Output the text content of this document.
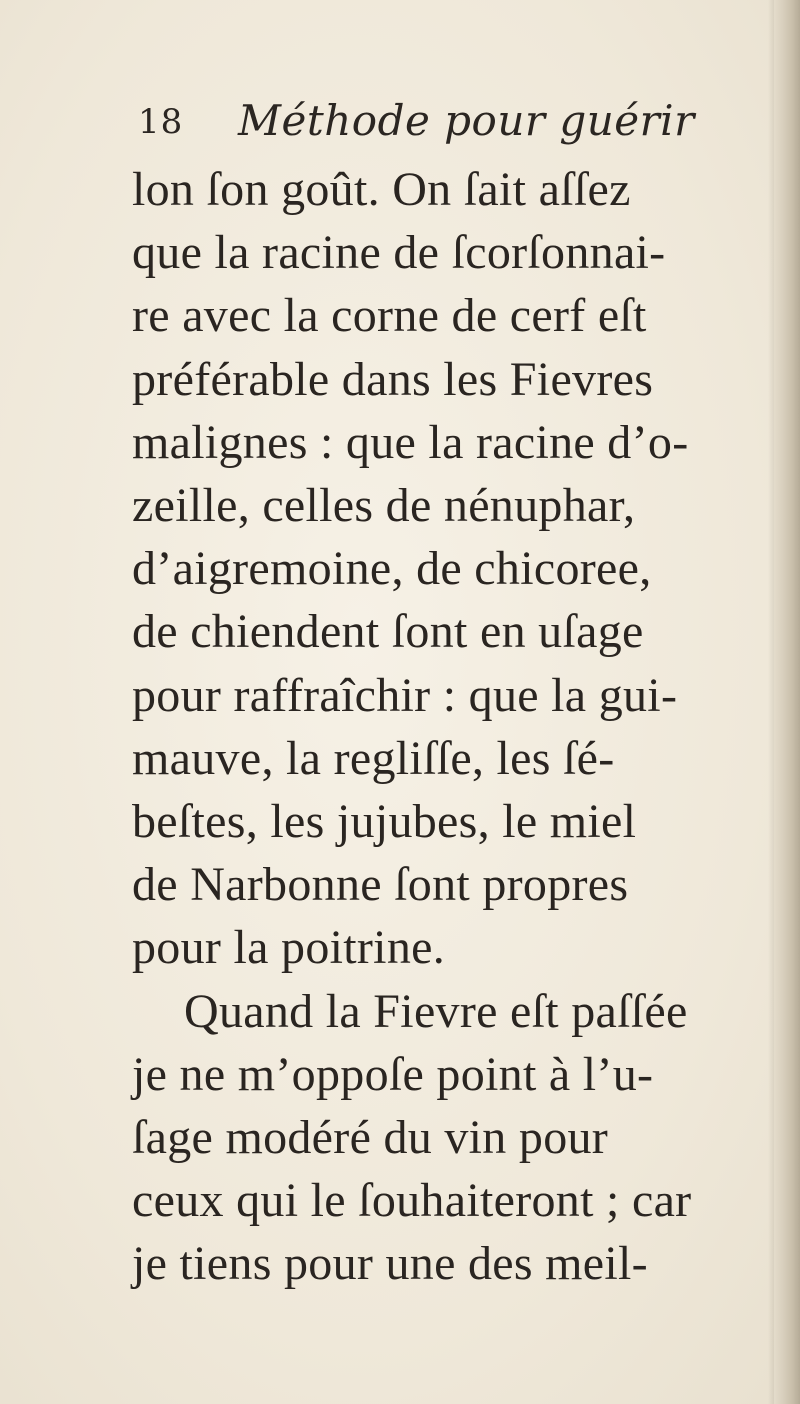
18 Méthode pour guérir
lon ſon goût. On ſait aſſez
que la racine de ſcorſonnai-
re avec la corne de cerf eſt
préférable dans les Fievres
malignes : que la racine d’o-
zeille, celles de nénuphar,
d’aigremoine, de chicoree,
de chiendent ſont en uſage
pour raffraîchir : que la gui-
mauve, la regliſſe, les ſé-
beſtes, les jujubes, le miel
de Narbonne ſont propres
pour la poitrine.
Quand la Fievre eſt paſſée
je ne m’oppoſe point à l’u-
ſage modéré du vin pour
ceux qui le ſouhaiteront ; car
je tiens pour une des meil-
